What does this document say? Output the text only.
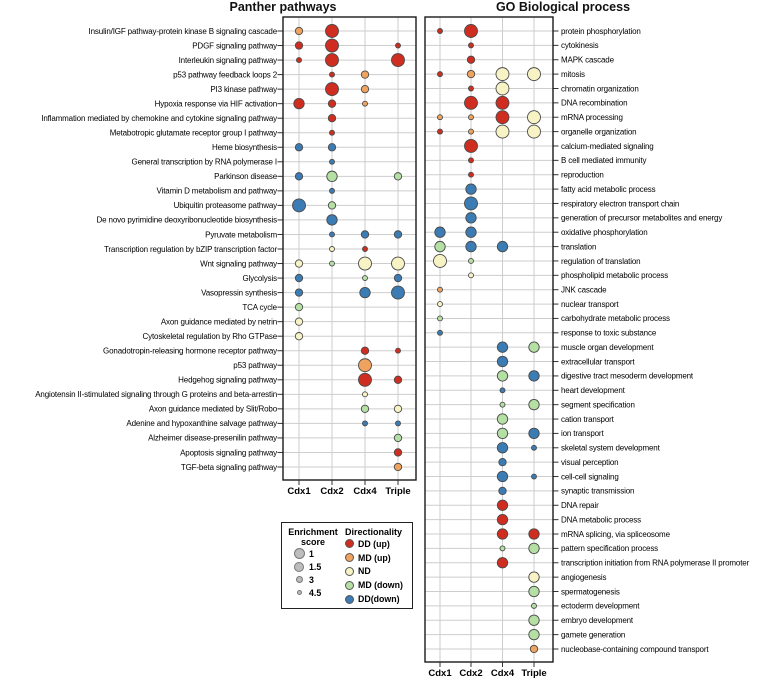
Panther pathways	GO Biological process
Insulin/IGF pathway-protein kinase B signaling cascade
PDGF signaling pathway
Interleukin signaling pathway
p53 pathway feedback loops 2
PI3 kinase pathway
Hypoxia response via HIF activation
Inflammation mediated by chemokine and cytokine signaling pathway
Metabotropic glutamate receptor group I pathway
Heme biosynthesis
General transcription by RNA polymerase I
Parkinson disease
Vitamin D metabolism and pathway
Ubiquitin proteasome pathway
De novo pyrimidine deoxyribonucleotide biosynthesis
Pyruvate metabolism
Transcription regulation by bZIP transcription factor
Wnt signaling pathway
Glycolysis
Vasopressin synthesis
TCA cycle
Axon guidance mediated by netrin
Cytoskeletal regulation by Rho GTPase
Gonadotropin-releasing hormone receptor pathway
p53 pathway
Hedgehog signaling pathway
Angiotensin II-stimulated signaling through G proteins and beta-arrestin
Axon guidance mediated by Slit/Robo
Adenine and hypoxanthine salvage pathway
Alzheimer disease-presenilin pathway
Apoptosis signaling pathway
TGF-beta signaling pathway
Cdx1 Cdx2 Cdx4 Triple
protein phosphorylation
cytokinesis
MAPK cascade
mitosis
chromatin organization
DNA recombination
mRNA processing
organelle organization
calcium-mediated signaling
B cell mediated immunity
reproduction
fatty acid metabolic process
respiratory electron transport chain
generation of precursor metabolites and energy
oxidative phosphorylation
translation
regulation of translation
phospholipid metabolic process
JNK cascade
nuclear transport
carbohydrate metabolic process
response to toxic substance
muscle organ development
extracellular transport
digestive tract mesoderm development
heart development
segment specification
cation transport
ion transport
skeletal system development
visual perception
cell-cell signaling
synaptic transmission
DNA repair
DNA metabolic process
mRNA splicing, via spliceosome
pattern specification process
transcription initiation from RNA polymerase II promoter
angiogenesis
spermatogenesis
ectoderm development
embryo development
gamete generation
nucleobase-containing compound transport
Cdx1 Cdx2 Cdx4 Triple
Enrichment
score
1
1.5
3
4.5
Directionality
DD (up)
MD (up)
ND
MD (down)
DD(down)
